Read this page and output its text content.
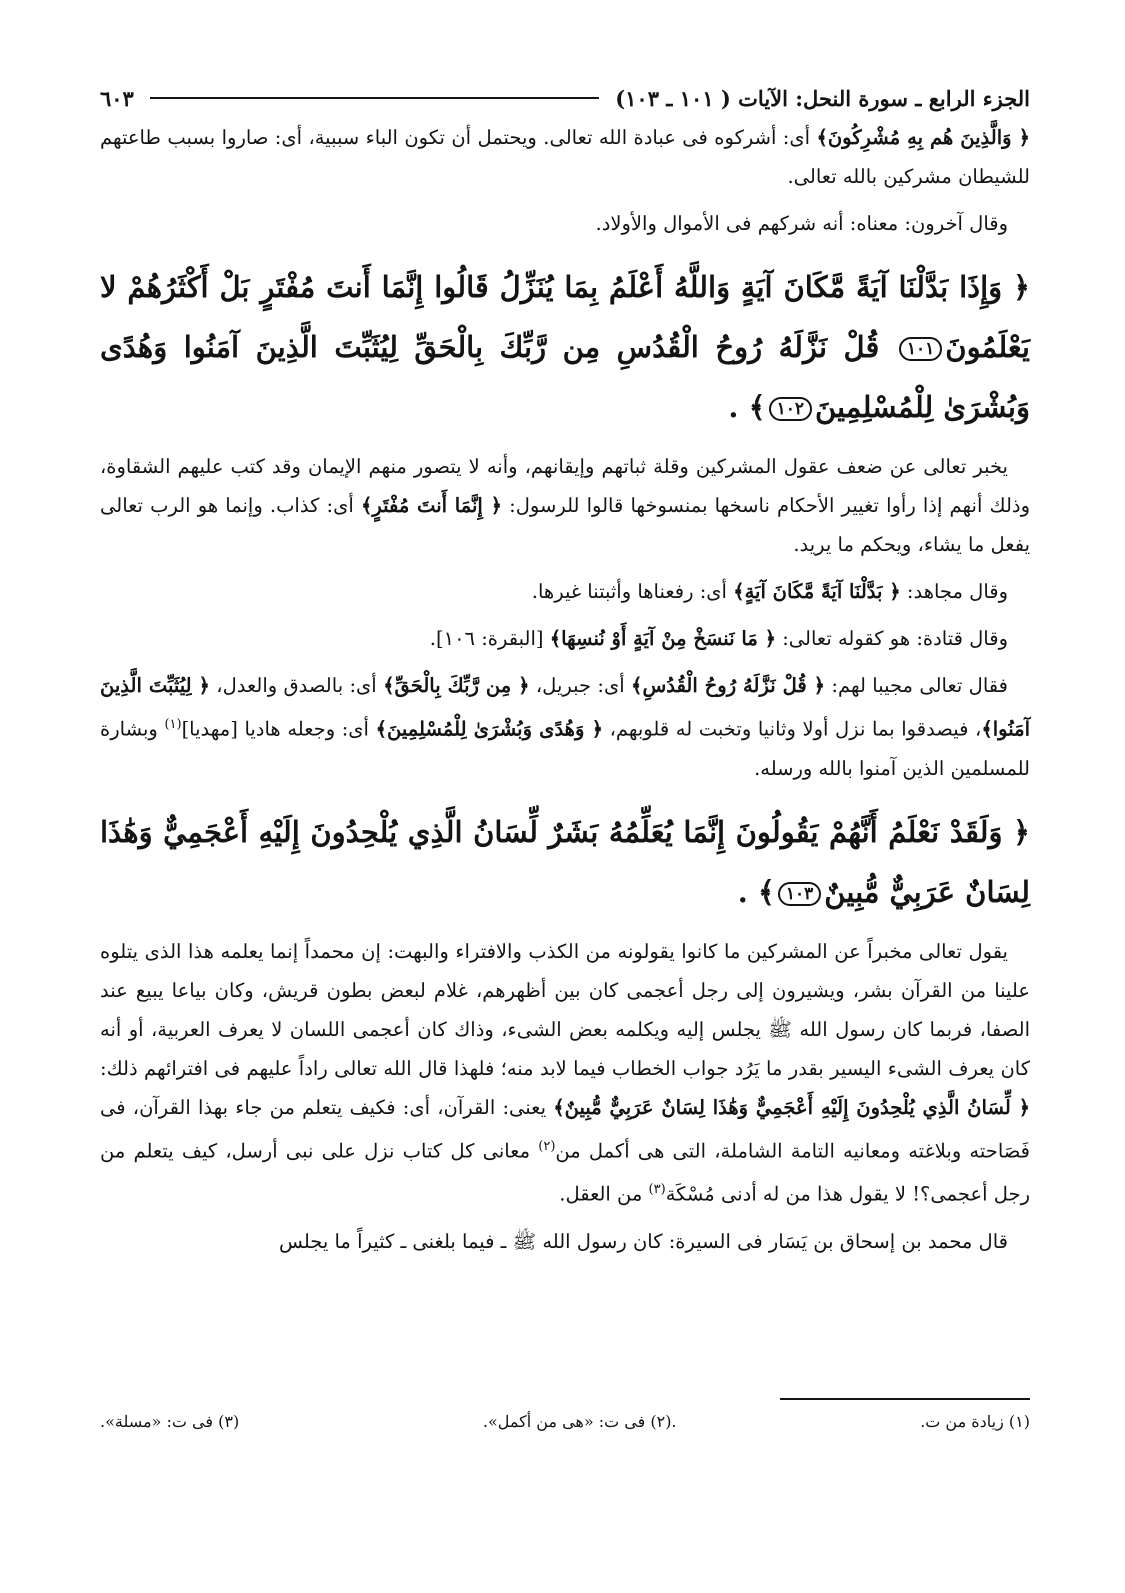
الجزء الرابع ـ سورة النحل: الآيات ( ١٠١ ـ ١٠٣)
٦٠٣

﴿ وَالَّذِينَ هُم بِهِ مُشْرِكُونَ﴾ أى: أشركوه فى عبادة الله تعالى. ويحتمل أن تكون الباء سببية، أى: صاروا بسبب طاعتهم للشيطان مشركين بالله تعالى.

وقال آخرون: معناه: أنه شركهم فى الأموال والأولاد.

﴿ وَإِذَا بَدَّلْنَا آيَةً مَّكَانَ آيَةٍ وَاللَّهُ أَعْلَمُ بِمَا يُنَزِّلُ قَالُوا إِنَّمَا أَنتَ مُفْتَرٍ بَلْ أَكْثَرُهُمْ لا يَعْلَمُونَ١٠١ قُلْ نَزَّلَهُ رُوحُ الْقُدُسِ مِن رَّبِّكَ بِالْحَقِّ لِيُثَبِّتَ الَّذِينَ آمَنُوا وَهُدًى وَبُشْرَىٰ لِلْمُسْلِمِينَ١٠٢﴾ .

يخبر تعالى عن ضعف عقول المشركين وقلة ثباتهم وإيقانهم، وأنه لا يتصور منهم الإيمان وقد كتب عليهم الشقاوة، وذلك أنهم إذا رأوا تغيير الأحكام ناسخها بمنسوخها قالوا للرسول: ﴿ إِنَّمَا أَنتَ مُفْتَرٍ﴾ أى: كذاب. وإنما هو الرب تعالى يفعل ما يشاء، ويحكم ما يريد.

وقال مجاهد: ﴿ بَدَّلْنَا آيَةً مَّكَانَ آيَةٍ﴾ أى: رفعناها وأثبتنا غيرها.

وقال قتادة: هو كقوله تعالى: ﴿ مَا نَنسَخْ مِنْ آيَةٍ أَوْ نُنسِهَا﴾ [البقرة: ١٠٦].

فقال تعالى مجيبا لهم: ﴿ قُلْ نَزَّلَهُ رُوحُ الْقُدُسِ﴾ أى: جبريل، ﴿ مِن رَّبِّكَ بِالْحَقِّ﴾ أى: بالصدق والعدل، ﴿ لِيُثَبِّتَ الَّذِينَ آمَنُوا﴾، فيصدقوا بما نزل أولا وثانيا وتخبت له قلوبهم، ﴿ وَهُدًى وَبُشْرَىٰ لِلْمُسْلِمِينَ﴾ أى: وجعله هاديا [مهديا]$^{(١)}$ وبشارة للمسلمين الذين آمنوا بالله ورسله.

﴿ وَلَقَدْ نَعْلَمُ أَنَّهُمْ يَقُولُونَ إِنَّمَا يُعَلِّمُهُ بَشَرٌ لِّسَانُ الَّذِي يُلْحِدُونَ إِلَيْهِ أَعْجَمِيٌّ وَهَٰذَا لِسَانٌ عَرَبِيٌّ مُّبِينٌ١٠٣﴾ .

يقول تعالى مخبراً عن المشركين ما كانوا يقولونه من الكذب والافتراء والبهت: إن محمداً إنما يعلمه هذا الذى يتلوه علينا من القرآن بشر، ويشيرون إلى رجل أعجمى كان بين أظهرهم، غلام لبعض بطون قريش، وكان بياعا يبيع عند الصفا، فربما كان رسول الله ﷺ يجلس إليه ويكلمه بعض الشىء، وذاك كان أعجمى اللسان لا يعرف العربية، أو أنه كان يعرف الشىء اليسير بقدر ما يَرُد جواب الخطاب فيما لابد منه؛ فلهذا قال الله تعالى راداً عليهم فى افترائهم ذلك: ﴿ لِّسَانُ الَّذِي يُلْحِدُونَ إِلَيْهِ أَعْجَمِيٌّ وَهَٰذَا لِسَانٌ عَرَبِيٌّ مُّبِينٌ﴾ يعنى: القرآن، أى: فكيف يتعلم من جاء بهذا القرآن، فى فَصَاحته وبلاغته ومعانيه التامة الشاملة، التى هى أكمل من$^{(٢)}$ معانى كل كتاب نزل على نبى أرسل، كيف يتعلم من رجل أعجمى؟! لا يقول هذا من له أدنى مُسْكَة$^{(٣)}$ من العقل.

قال محمد بن إسحاق بن يَسَار فى السيرة: كان رسول الله ﷺ ـ فيما بلغنى ـ كثيراً ما يجلس

(١) زيادة من ت.
.(٢) فى ت: «هى من أكمل».
(٣) فى ت: «مسلة».
